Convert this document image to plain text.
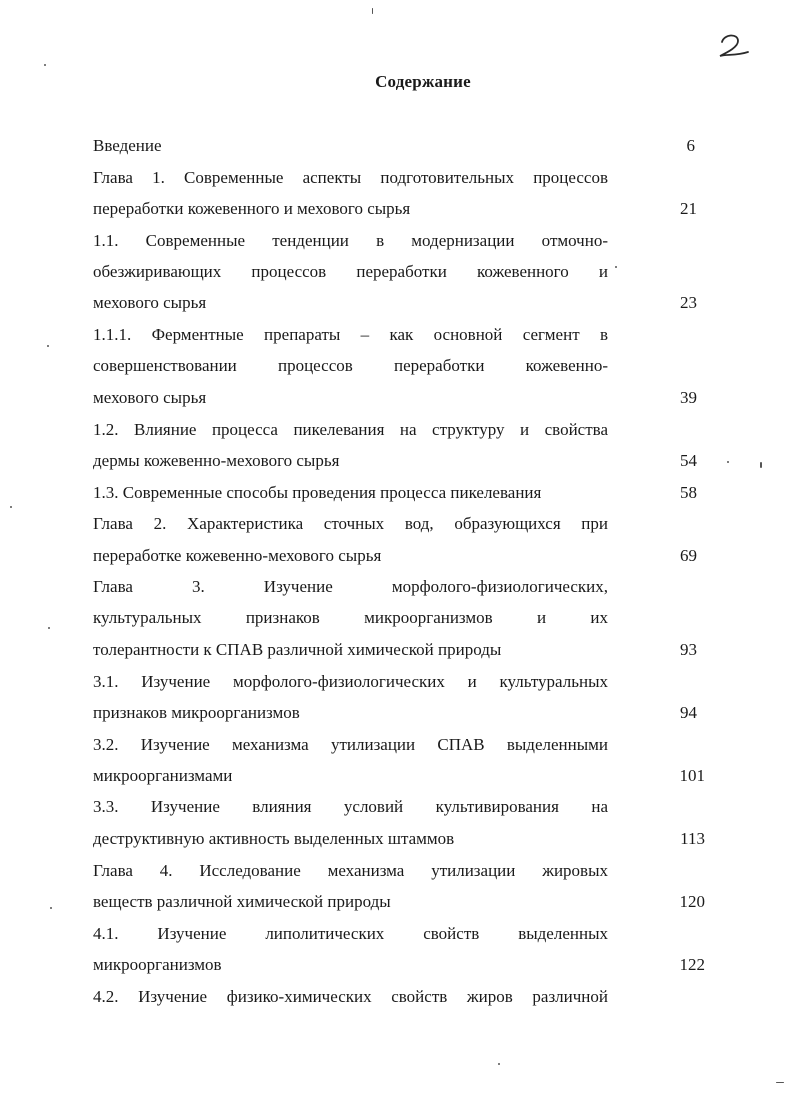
Содержание
Введение	6
Глава 1. Современные аспекты подготовительных процессов
переработки кожевенного и мехового сырья	21
1.1. Современные тенденции в модернизации отмочно-
обезжиривающих процессов переработки кожевенного и
мехового сырья	23
1.1.1. Ферментные препараты – как основной сегмент в
совершенствовании процессов переработки кожевенно-
мехового сырья	39
1.2. Влияние процесса пикелевания на структуру и свойства
дермы кожевенно-мехового сырья	54
1.3. Современные способы проведения процесса пикелевания	58
Глава 2. Характеристика сточных вод, образующихся при
переработке кожевенно-мехового сырья	69
Глава 3. Изучение морфолого-физиологических,
культуральных признаков микроорганизмов и их
толерантности к СПАВ различной химической природы	93
3.1. Изучение морфолого-физиологических и культуральных
признаков микроорганизмов	94
3.2. Изучение механизма утилизации СПАВ выделенными
микроорганизмами	101
3.3. Изучение влияния условий культивирования на
деструктивную активность выделенных штаммов	113
Глава 4. Исследование механизма утилизации жировых
веществ различной химической природы	120
4.1. Изучение липолитических свойств выделенных
микроорганизмов	122
4.2. Изучение физико-химических свойств жиров различной
